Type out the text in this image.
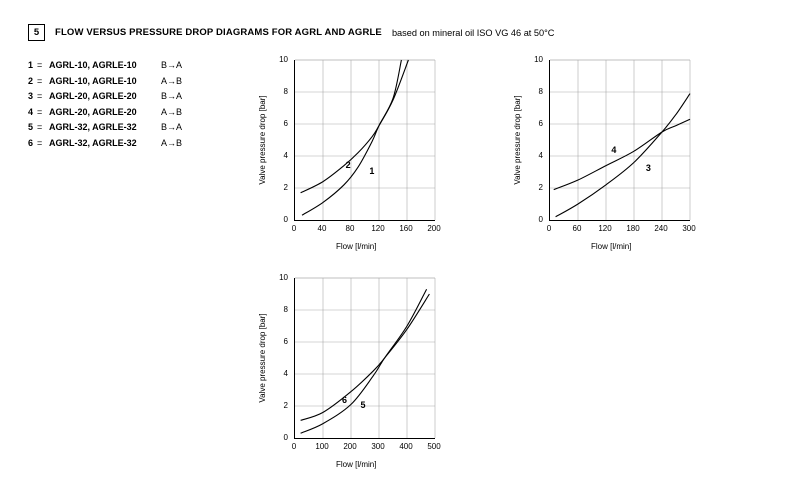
5	FLOW VERSUS PRESSURE DROP DIAGRAMS FOR AGRL AND AGRLE based on mineral oil ISO VG 46 at 50°C
1 = AGRL-10, AGRLE-10	B→A
2 = AGRL-10, AGRLE-10	A→B
3 = AGRL-20, AGRLE-20	B→A
4 = AGRL-20, AGRLE-20	A→B
5 = AGRL-32, AGRLE-32	B→A
6 = AGRL-32, AGRLE-32	A→B
1
2
0
2
4
6
8
10
0	40	80	120	160	200
Valve pressure drop [bar]
Flow [l/min]
3
4
0
2
4
6
8
10
0	60	120	180	240	300
Valve pressure drop [bar]
Flow [l/min]
5
6
0
2
4
6
8
10
0	100	200	300	400	500
Valve pressure drop [bar]
Flow [l/min]
